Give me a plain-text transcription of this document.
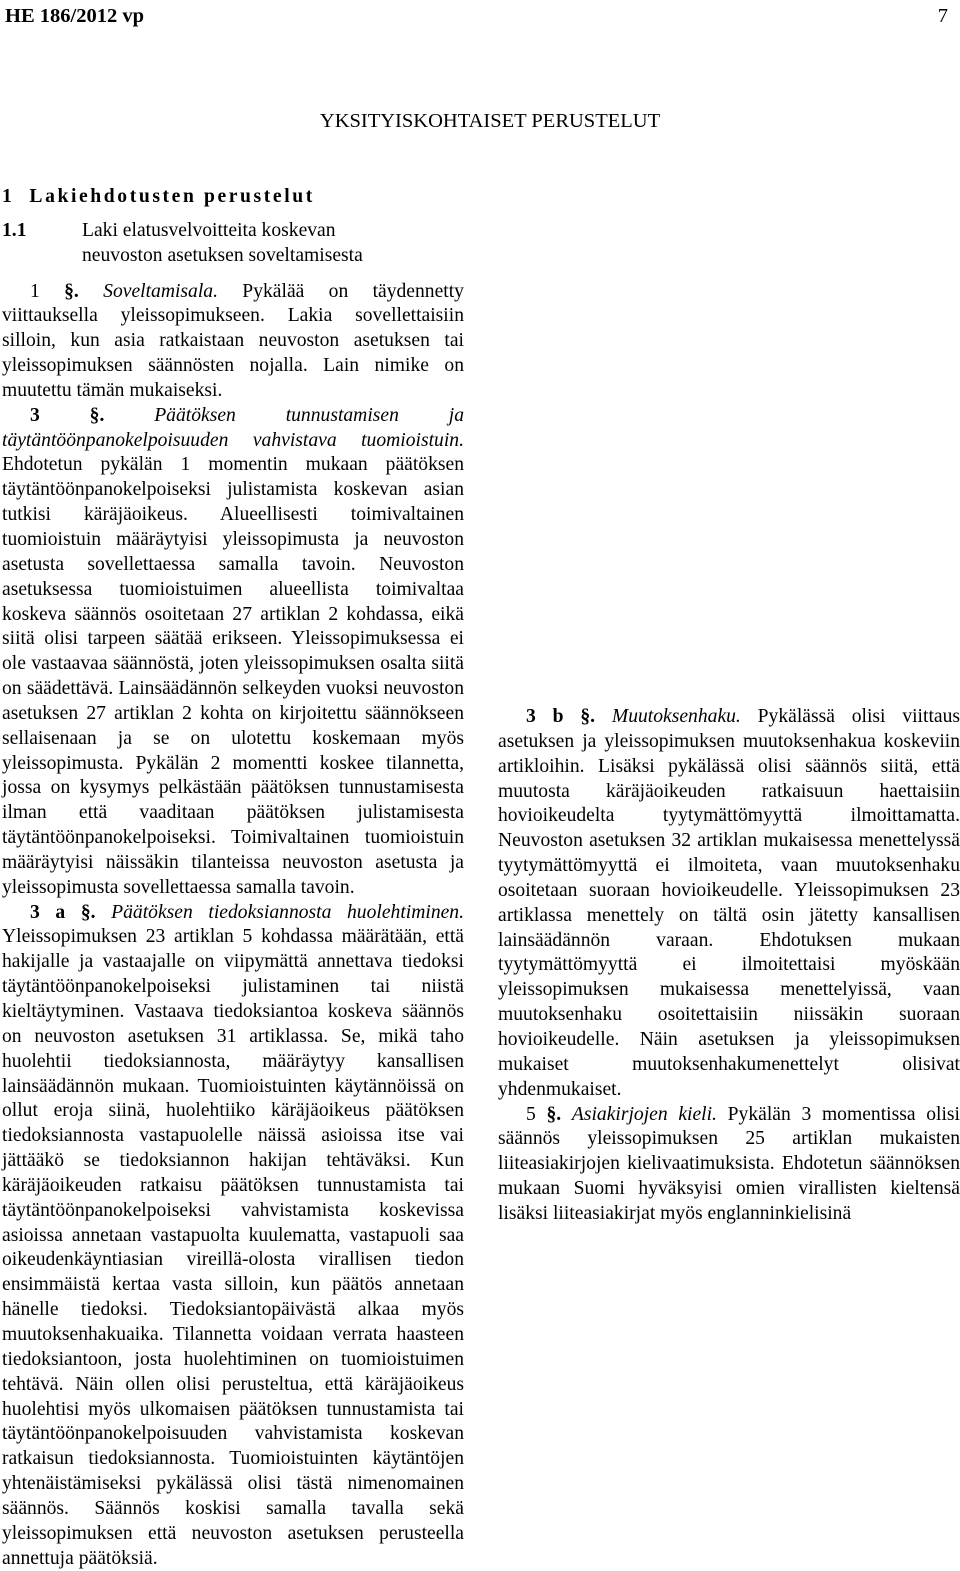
HE 186/2012 vp	7
YKSITYISKOHTAISET PERUSTELUT
1 Lakiehdotusten perustelut
1.1	Laki elatusvelvoitteita koskevan
neuvoston asetuksen soveltamisesta

1 §. Soveltamisala. Pykälää on täydennetty viittauksella yleissopimukseen. Lakia sovellettaisiin silloin, kun asia ratkaistaan neuvoston asetuksen tai yleissopimuksen säännösten nojalla. Lain nimike on muutettu tämän mukaiseksi.

3	§.	Päätöksen tunnustamisen ja täytäntöönpanokelpoisuuden vahvistava tuomioistuin. Ehdotetun pykälän 1 momentin mukaan päätöksen täytäntöönpanokelpoiseksi julistamista koskevan asian tutkisi käräjäoikeus. Alueellisesti toimivaltainen tuomioistuin määräytyisi yleissopimusta ja neuvoston asetusta sovellettaessa samalla tavoin. Neuvoston asetuksessa tuomioistuimen alueellista toimivaltaa koskeva säännös osoitetaan 27 artiklan 2 kohdassa, eikä siitä olisi tarpeen säätää erikseen. Yleissopimuksessa ei ole vastaavaa säännöstä, joten yleissopimuksen osalta siitä on säädettävä. Lainsäädännön selkeyden vuoksi neuvoston asetuksen 27 artiklan 2 kohta on kirjoitettu säännökseen sellaisenaan ja se on ulotettu koskemaan myös yleissopimusta. Pykälän 2 momentti koskee tilannetta, jossa on kysymys pelkästään päätöksen tunnustamisesta ilman että vaaditaan päätöksen julistamisesta täytäntöönpanokelpoiseksi. Toimivaltainen tuomioistuin määräytyisi näissäkin tilanteissa neuvoston asetusta ja yleissopimusta sovellettaessa samalla tavoin.

3 a §. Päätöksen tiedoksiannosta huolehtiminen. Yleissopimuksen 23 artiklan 5 kohdassa määrätään, että hakijalle ja vastaajalle on viipymättä annettava tiedoksi täytäntöönpanokelpoiseksi julistaminen tai niistä kieltäytyminen. Vastaava tiedoksiantoa koskeva säännös on neuvoston asetuksen 31 artiklassa. Se, mikä taho huolehtii tiedoksiannosta, määräytyy kansallisen lainsäädännön mukaan. Tuomioistuinten käytännöissä on ollut eroja siinä, huolehtiiko käräjäoikeus päätöksen tiedoksiannosta vastapuolelle näissä asioissa itse vai jättääkö se tiedoksiannon hakijan tehtäväksi. Kun käräjäoikeuden ratkaisu päätöksen tunnustamista tai täytäntöönpanokelpoiseksi vahvistamista koskevissa asioissa annetaan vastapuolta kuulematta, vastapuoli saa oikeudenkäyntiasian vireillä-olosta virallisen tiedon ensimmäistä kertaa vasta silloin, kun päätös annetaan hänelle tiedoksi. Tiedoksiantopäivästä alkaa myös muutoksenhakuaika. Tilannetta voidaan verrata haasteen tiedoksiantoon, josta huolehtiminen on tuomioistuimen tehtävä. Näin ollen olisi perusteltua, että käräjäoikeus huolehtisi myös ulkomaisen päätöksen tunnustamista tai täytäntöönpanokelpoisuuden vahvistamista koskevan ratkaisun tiedoksiannosta. Tuomioistuinten käytäntöjen yhtenäistämiseksi pykälässä olisi tästä nimenomainen säännös. Säännös koskisi samalla tavalla sekä yleissopimuksen että neuvoston asetuksen perusteella annettuja päätöksiä.

3 b §. Muutoksenhaku. Pykälässä olisi viittaus asetuksen ja yleissopimuksen muutoksenhakua koskeviin artikloihin. Lisäksi pykälässä olisi säännös siitä, että muutosta käräjäoikeuden ratkaisuun haettaisiin hovioikeudelta tyytymättömyyttä ilmoittamatta. Neuvoston asetuksen 32 artiklan mukaisessa menettelyssä tyytymättömyyttä ei ilmoiteta, vaan muutoksenhaku osoitetaan suoraan hovioikeudelle. Yleissopimuksen 23 artiklassa menettely on tältä osin jätetty kansallisen lainsäädännön varaan. Ehdotuksen mukaan tyytymättömyyttä ei ilmoitettaisi myöskään yleissopimuksen mukaisessa menettelyissä, vaan muutoksenhaku osoitettaisiin niissäkin suoraan hovioikeudelle. Näin asetuksen ja yleissopimuksen mukaiset muutoksenhakumenettelyt olisivat yhdenmukaiset.

5 §. Asiakirjojen kieli. Pykälän 3 momentissa olisi säännös yleissopimuksen 25 artiklan mukaisten liiteasiakirjojen kielivaatimuksista. Ehdotetun säännöksen mukaan Suomi hyväksyisi omien virallisten kieltensä lisäksi liiteasiakirjat myös englanninkielisinä
